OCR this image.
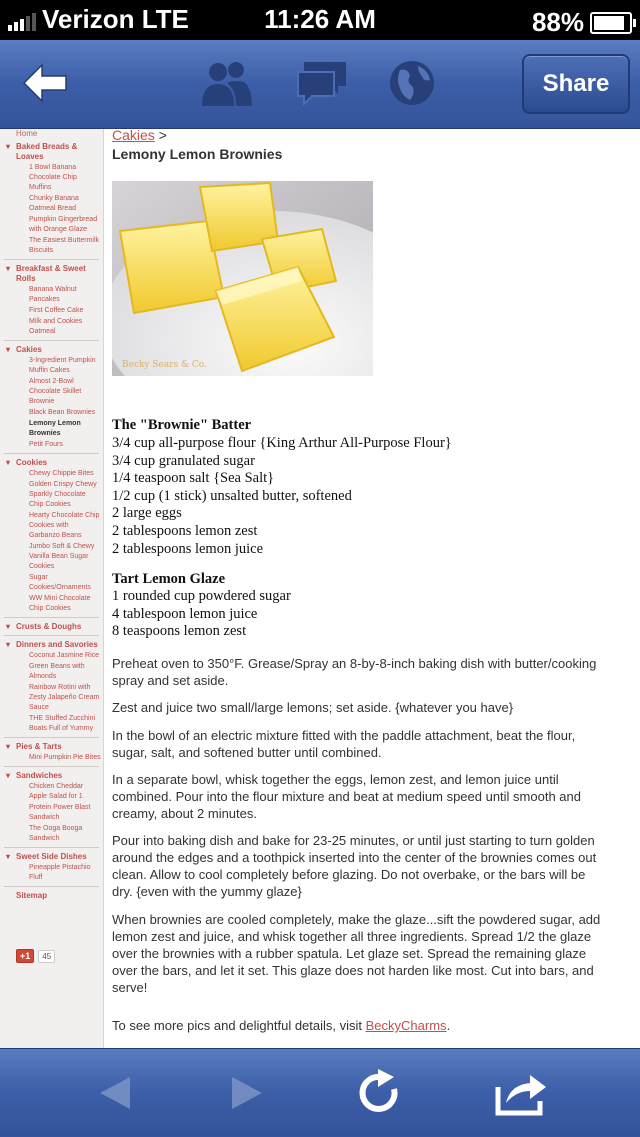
Verizon
LTE	11:26 AM	88%
Share
Home
▾ Baked Breads & Loaves
1 Bowl Banana Chocolate Chip Muffins
Chunky Banana Oatmeal Bread
Pumpkin Gingerbread with Orange Glaze
The Easiest Buttermilk Biscuits
▾ Breakfast & Sweet Rolls
Banana Walnut Pancakes
First Coffee Cake
Milk and Cookies Oatmeal
▾ Cakies
3-Ingredient Pumpkin Muffin Cakes
Almost 2-Bowl Chocolate Skillet Brownie
Black Bean Brownies
Lemony Lemon Brownies
Petit Fours
▾ Cookies
Chewy Chippie Bites
Golden Crispy Chewy Sparkly Chocolate Chip Cookies
Hearty Chocolate Chip Cookies with Garbanzo Beans
Jumbo Soft & Chewy Vanilla Bean Sugar Cookies
Sugar Cookies/Ornaments
WW Mini Chocolate Chip Cookies
▾ Crusts & Doughs
▾ Dinners and Savories
Coconut Jasmine Rice
Green Beans with Almonds
Rainbow Rotini with Zesty Jalapeño Cream Sauce
THE Stuffed Zucchini Boats Full of Yummy
▾ Pies & Tarts
Mini Pumpkin Pie Bites
▾ Sandwiches
Chicken Cheddar Apple Salad for 1
Protein Power Blast Sandwich
The Ooga Booga Sandwich
▾ Sweet Side Dishes
Pineapple Pistachio Fluff
Sitemap
+1	45
Cakies >
Lemony Lemon Brownies
Becky Sears & Co.
The "Brownie" Batter
3/4 cup all-purpose flour {King Arthur All-Purpose Flour}
3/4 cup granulated sugar
1/4 teaspoon salt {Sea Salt}
1/2 cup (1 stick) unsalted butter, softened
2 large eggs
2 tablespoons lemon zest
2 tablespoons lemon juice
Tart Lemon Glaze
1 rounded cup powdered sugar
4 tablespoon lemon juice
8 teaspoons lemon zest
Preheat oven to 350°F. Grease/Spray an 8-by-8-inch baking dish with butter/cooking
spray and set aside.
Zest and juice two small/large lemons; set aside. {whatever you have}
In the bowl of an electric mixture fitted with the paddle attachment, beat the flour,
sugar, salt, and softened butter until combined.
In a separate bowl, whisk together the eggs, lemon zest, and lemon juice until
combined. Pour into the flour mixture and beat at medium speed until smooth and
creamy, about 2 minutes.
Pour into baking dish and bake for 23-25 minutes, or until just starting to turn golden
around the edges and a toothpick inserted into the center of the brownies comes out
clean. Allow to cool completely before glazing. Do not overbake, or the bars will be
dry. {even with the yummy glaze}
When brownies are cooled completely, make the glaze...sift the powdered sugar, add
lemon zest and juice, and whisk together all three ingredients. Spread 1/2 the glaze
over the brownies with a rubber spatula. Let glaze set. Spread the remaining glaze
over the bars, and let it set. This glaze does not harden like most. Cut into bars, and
serve!
To see more pics and delightful details, visit BeckyCharms.
